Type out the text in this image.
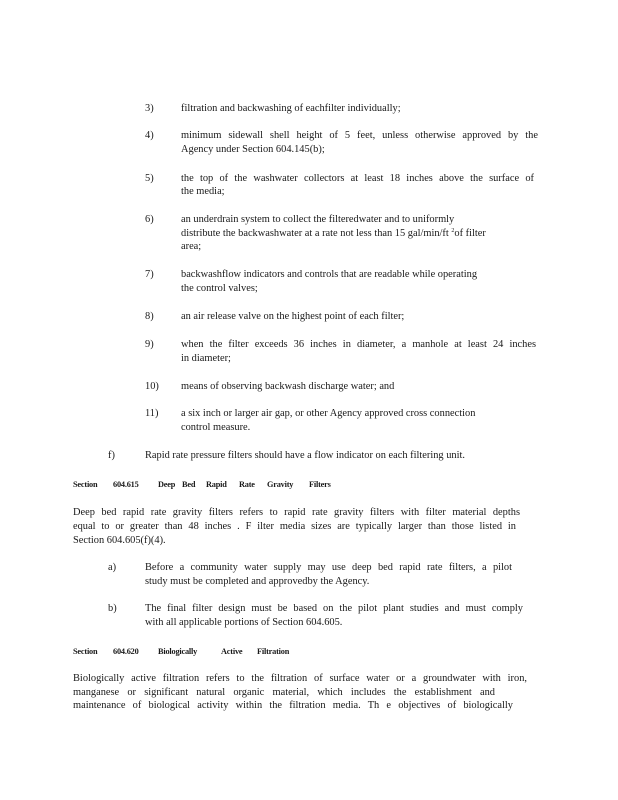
3)	filtration and backwashing of eachfilter individually;
4)	minimum sidewall shell height of 5 feet, unless otherwise approved by the
Agency under Section 604.145(b);
5)	the top of the washwater collectors at least 18 inches above the surface of
the media;
6)	an underdrain system to collect the filteredwater and to uniformly
distribute the backwashwater at a rate not less than 15 gal/min/ft $^2$of filter
area;
7)	backwashflow indicators and controls that are readable while operating
the control valves;
8)	an air release valve on the highest point of each filter;
9)	when the filter exceeds 36 inches in diameter, a manhole at least 24 inches
in diameter;
10) means of observing backwash discharge water; and
11) a six inch or larger air gap, or other Agency approved cross connection
control measure.
f)	Rapid rate pressure filters should have a flow indicator on each filtering unit.
Section 604.615 Deep Bed Rapid Rate Gravity Filters
Deep bed rapid rate gravity filters refers to rapid rate gravity filters with filter material depths
equal to or greater than 48 inches . F ilter media sizes are typically larger than those listed in
Section 604.605(f)(4).
a)	Before a community water supply may use deep bed rapid rate filters, a pilot
study must be completed and approvedby the Agency.
b)	The final filter design must be based on the pilot plant studies and must comply
with all applicable portions of Section 604.605.
Section 604.620 Biologically	Active Filtration
Biologically active filtration refers to the filtration of surface water or a groundwater with iron,
manganese or significant natural organic material, which includes the establishment and
maintenance of biological activity within the filtration media. Th e objectives of biologically
